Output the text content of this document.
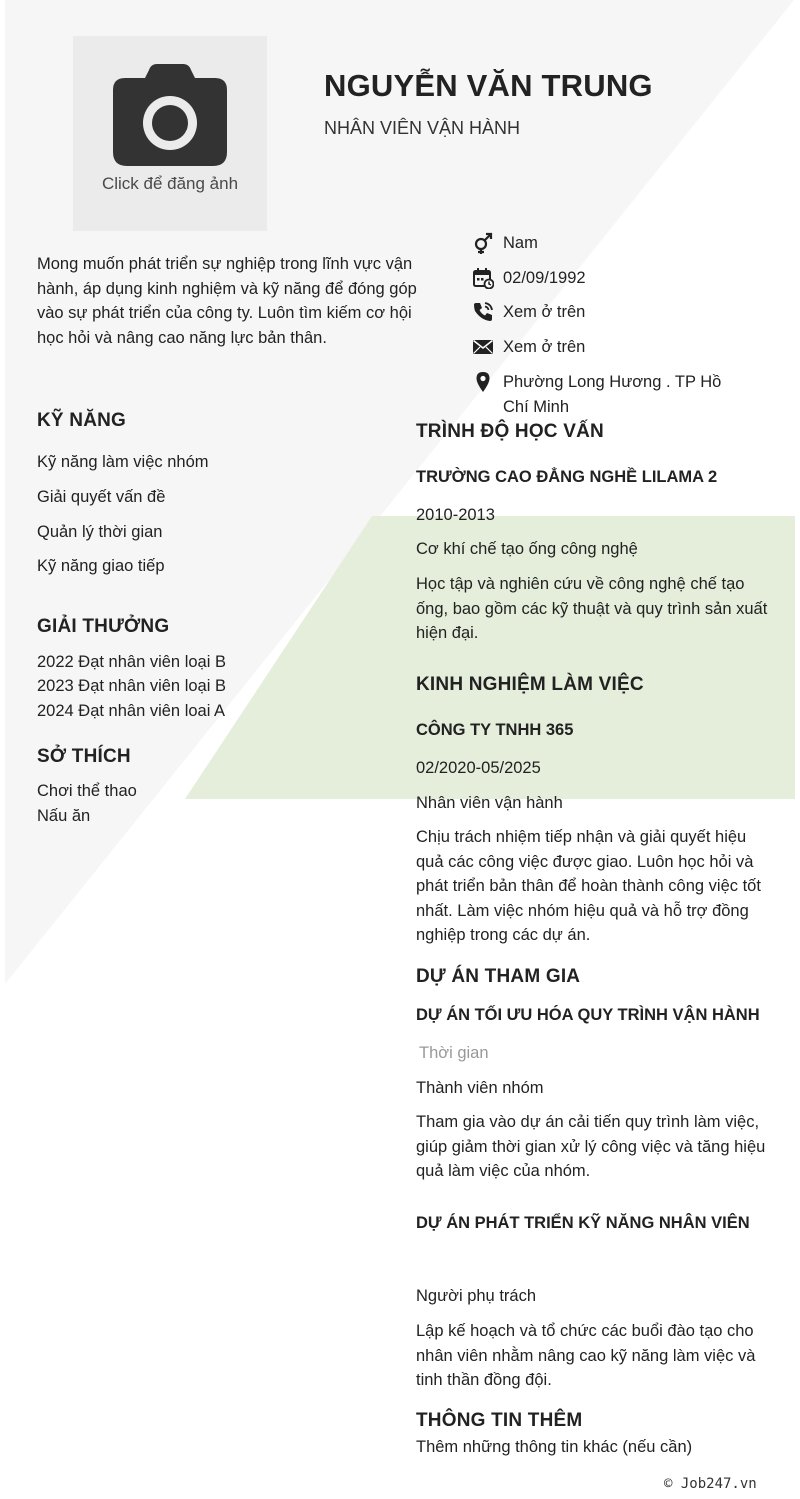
Click để đăng ảnh
NGUYỄN VĂN TRUNG
NHÂN VIÊN VẬN HÀNH
Mong muốn phát triển sự nghiệp trong lĩnh vực vận hành, áp dụng kinh nghiệm và kỹ năng để đóng góp vào sự phát triển của công ty. Luôn tìm kiếm cơ hội học hỏi và nâng cao năng lực bản thân.
Nam
02/09/1992
Xem ở trên
Xem ở trên
Phường Long Hương . TP Hồ Chí Minh
KỸ NĂNG
Kỹ năng làm việc nhóm
Giải quyết vấn đề
Quản lý thời gian
Kỹ năng giao tiếp
GIẢI THƯỞNG
2022 Đạt nhân viên loại B
2023 Đạt nhân viên loại B
2024 Đạt nhân viên loai A
SỞ THÍCH
Chơi thể thao
Nấu ăn
TRÌNH ĐỘ HỌC VẤN
TRƯỜNG CAO ĐẲNG NGHỀ LILAMA 2
2010-2013
Cơ khí chế tạo ống công nghệ
Học tập và nghiên cứu về công nghệ chế tạo ống, bao gồm các kỹ thuật và quy trình sản xuất hiện đại.
KINH NGHIỆM LÀM VIỆC
CÔNG TY TNHH 365
02/2020-05/2025
Nhân viên vận hành
Chịu trách nhiệm tiếp nhận và giải quyết hiệu quả các công việc được giao. Luôn học hỏi và phát triển bản thân để hoàn thành công việc tốt nhất. Làm việc nhóm hiệu quả và hỗ trợ đồng nghiệp trong các dự án.
DỰ ÁN THAM GIA
DỰ ÁN TỐI ƯU HÓA QUY TRÌNH VẬN HÀNH
Thời gian
Thành viên nhóm
Tham gia vào dự án cải tiến quy trình làm việc, giúp giảm thời gian xử lý công việc và tăng hiệu quả làm việc của nhóm.
DỰ ÁN PHÁT TRIỂN KỸ NĂNG NHÂN VIÊN
Người phụ trách
Lập kế hoạch và tổ chức các buổi đào tạo cho nhân viên nhằm nâng cao kỹ năng làm việc và tinh thần đồng đội.
THÔNG TIN THÊM
Thêm những thông tin khác (nếu cần)
© Job247.vn
